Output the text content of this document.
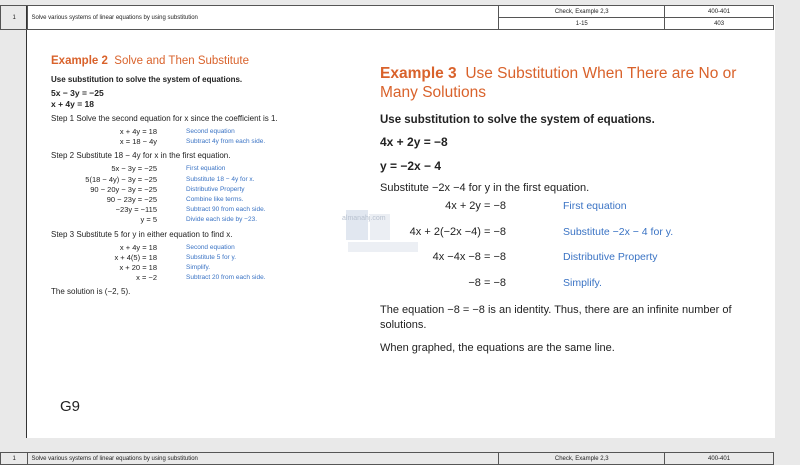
1	Solve various systems of linear equations by using substitution	Check, Example 2,3	400-401
		1-15	403
Example 2 Solve and Then Substitute
Use substitution to solve the system of equations.
5x − 3y = −25
x + 4y = 18
Step 1 Solve the second equation for x since the coefficient is 1.
x + 4y = 18	Second equation
x = 18 − 4y	Subtract 4y from each side.
Step 2 Substitute 18 − 4y for x in the first equation.
5x − 3y = −25	First equation
5(18 − 4y) − 3y = −25	Substitute 18 − 4y for x.
90 − 20y − 3y = −25	Distributive Property
90 − 23y = −25	Combine like terms.
−23y = −115	Subtract 90 from each side.
y = 5	Divide each side by −23.
Step 3 Substitute 5 for y in either equation to find x.
x + 4y = 18	Second equation
x + 4(5) = 18	Substitute 5 for y.
x + 20 = 18	Simplify.
x = −2	Subtract 20 from each side.
The solution is (−2, 5).
G9
almanahj.com
Example 3 Use Substitution When There are No or Many Solutions
Use substitution to solve the system of equations.
4x + 2y = −8
y = −2x − 4
Substitute −2x −4 for y in the first equation.
4x + 2y = −8	First equation
4x + 2(−2x −4) = −8	Substitute −2x − 4 for y.
4x −4x −8 = −8	Distributive Property
−8 = −8	Simplify.
The equation −8 = −8 is an identity. Thus, there are an infinite number of solutions.
When graphed, the equations are the same line.
1	Solve various systems of linear equations by using substitution	Check, Example 2,3	400-401
